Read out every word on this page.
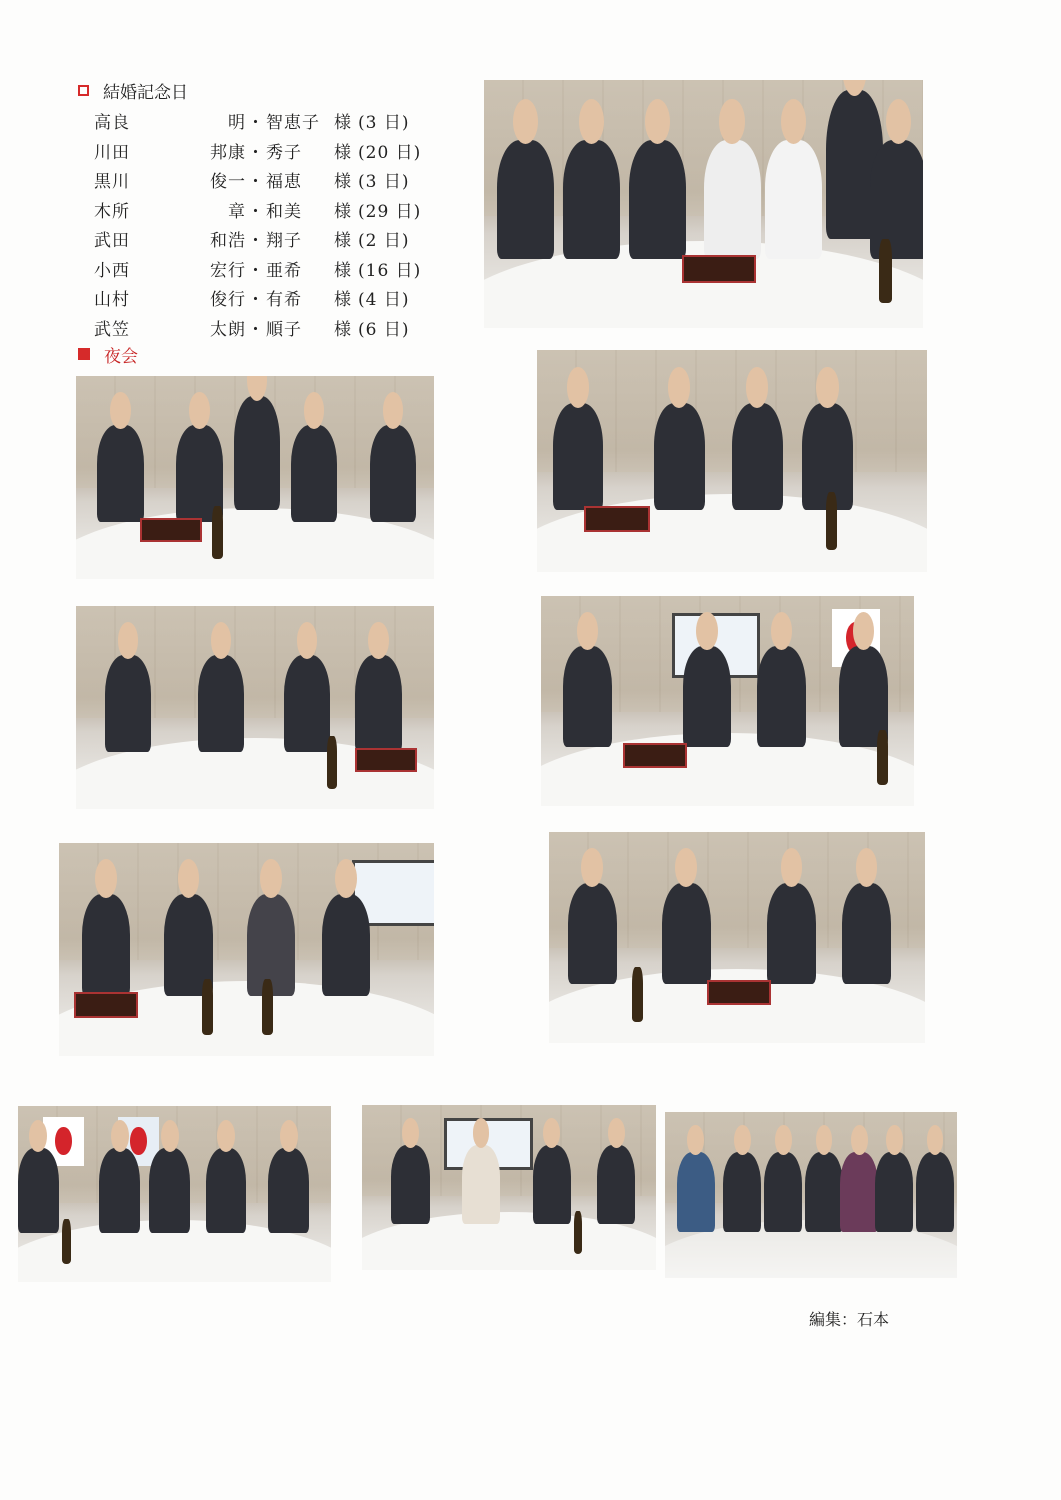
結婚記念日
高良	明 ・ 智恵子 様 (3 日)
川田	邦康 ・ 秀子	様 (20 日)
黒川	俊一 ・ 福恵	様 (3 日)
木所	章 ・ 和美	様 (29 日)
武田	和浩 ・ 翔子	様 (2 日)
小西	宏行 ・ 亜希	様 (16 日)
山村	俊行 ・ 有希	様 (4 日)
武笠	太朗 ・ 順子	様 (6 日)
夜会
編集：石本
